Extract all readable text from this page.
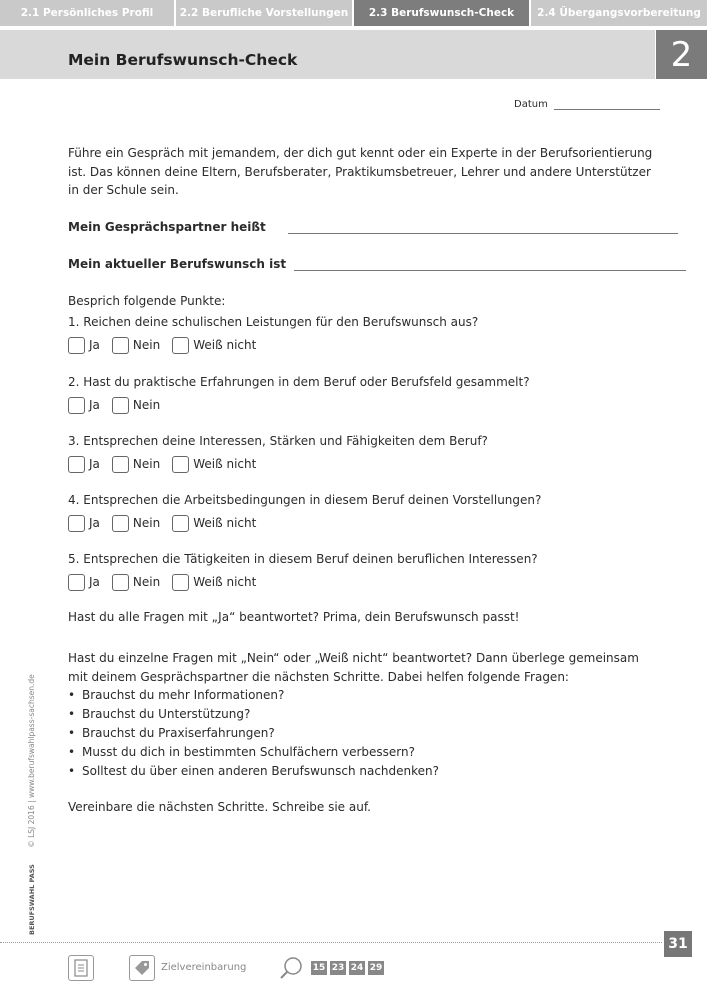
2.1 Persönliches Profil	2.2 Berufliche Vorstellungen	2.3 Berufswunsch-Check	2.4 Übergangsvorbereitung
Mein Berufswunsch-Check	2
Datum
Führe ein Gespräch mit jemandem, der dich gut kennt oder ein Experte in der Berufsorientierung ist. Das können deine Eltern, Berufsberater, Praktikumsbetreuer, Lehrer und andere Unterstützer in der Schule sein.
Mein Gesprächspartner heißt
Mein aktueller Berufswunsch ist
Besprich folgende Punkte:
1. Reichen deine schulischen Leistungen für den Berufswunsch aus?
Ja	Nein	Weiß nicht
2. Hast du praktische Erfahrungen in dem Beruf oder Berufsfeld gesammelt?
Ja	Nein
3. Entsprechen deine Interessen, Stärken und Fähigkeiten dem Beruf?
Ja	Nein	Weiß nicht
4. Entsprechen die Arbeitsbedingungen in diesem Beruf deinen Vorstellungen?
Ja	Nein	Weiß nicht
5. Entsprechen die Tätigkeiten in diesem Beruf deinen beruflichen Interessen?
Ja	Nein	Weiß nicht
Hast du alle Fragen mit „Ja“ beantwortet? Prima, dein Berufswunsch passt!
Hast du einzelne Fragen mit „Nein“ oder „Weiß nicht“ beantwortet? Dann überlege gemeinsam mit deinem Gesprächspartner die nächsten Schritte. Dabei helfen folgende Fragen:
• Brauchst du mehr Informationen?
• Brauchst du Unterstützung?
• Brauchst du Praxiserfahrungen?
• Musst du dich in bestimmten Schulfächern verbessern?
• Solltest du über einen anderen Berufswunsch nachdenken?
Vereinbare die nächsten Schritte. Schreibe sie auf.
BERUFSWAHL PASS © LSJ 2016 | www.berufswahlpass-sachsen.de
31
Zielvereinbarung	15 23 24 29
